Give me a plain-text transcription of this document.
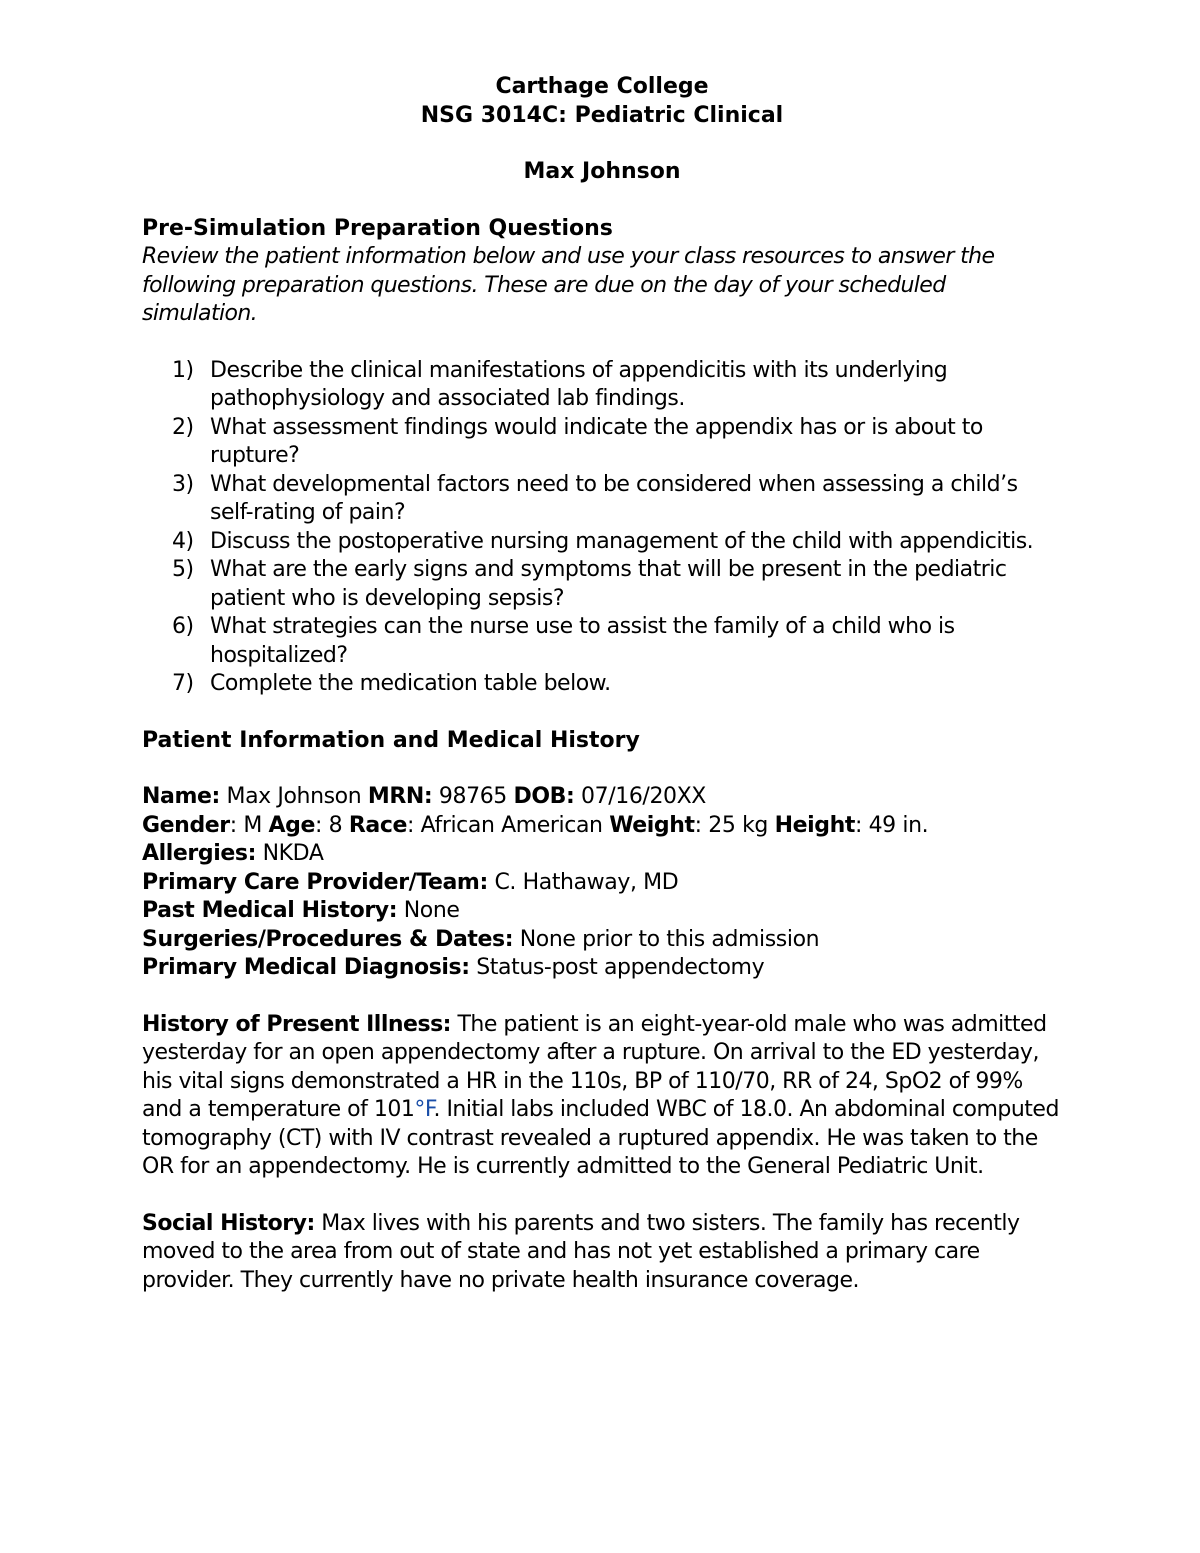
Carthage College
NSG 3014C: Pediatric Clinical
Max Johnson
Pre-Simulation Preparation Questions
Review the patient information below and use your class resources to answer the following preparation questions. These are due on the day of your scheduled simulation.
1) Describe the clinical manifestations of appendicitis with its underlying pathophysiology and associated lab findings.
2) What assessment findings would indicate the appendix has or is about to rupture?
3) What developmental factors need to be considered when assessing a child’s self-rating of pain?
4) Discuss the postoperative nursing management of the child with appendicitis.
5) What are the early signs and symptoms that will be present in the pediatric patient who is developing sepsis?
6) What strategies can the nurse use to assist the family of a child who is hospitalized?
7) Complete the medication table below.
Patient Information and Medical History
Name: Max Johnson MRN: 98765 DOB: 07/16/20XX
Gender: M Age: 8 Race: African American Weight: 25 kg Height: 49 in.
Allergies: NKDA
Primary Care Provider/Team: C. Hathaway, MD
Past Medical History: None
Surgeries/Procedures & Dates: None prior to this admission
Primary Medical Diagnosis: Status-post appendectomy

History of Present Illness: The patient is an eight-year-old male who was admitted yesterday for an open appendectomy after a rupture. On arrival to the ED yesterday, his vital signs demonstrated a HR in the 110s, BP of 110/70, RR of 24, SpO2 of 99% and a temperature of 101°F. Initial labs included WBC of 18.0. An abdominal computed tomography (CT) with IV contrast revealed a ruptured appendix. He was taken to the OR for an appendectomy. He is currently admitted to the General Pediatric Unit.

Social History: Max lives with his parents and two sisters. The family has recently moved to the area from out of state and has not yet established a primary care provider. They currently have no private health insurance coverage.
